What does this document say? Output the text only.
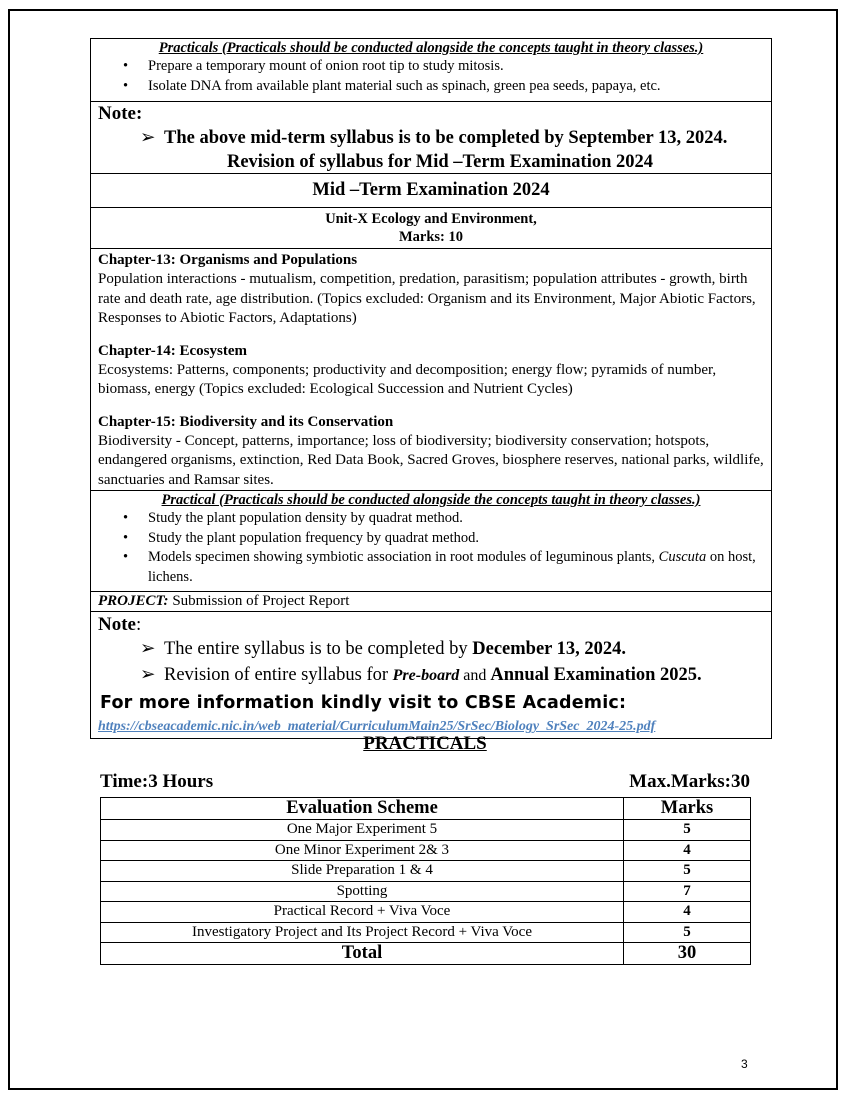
Practicals (Practicals should be conducted alongside the concepts taught in theory classes.)
• Prepare a temporary mount of onion root tip to study mitosis.
• Isolate DNA from available plant material such as spinach, green pea seeds, papaya, etc.

Note:
➢ The above mid-term syllabus is to be completed by September 13, 2024.
Revision of syllabus for Mid –Term Examination 2024

Mid –Term Examination 2024

Unit-X Ecology and Environment,
Marks: 10

Chapter-13: Organisms and Populations
Population interactions - mutualism, competition, predation, parasitism; population attributes - growth, birth rate and death rate, age distribution. (Topics excluded: Organism and its Environment, Major Abiotic Factors, Responses to Abiotic Factors, Adaptations)
Chapter-14: Ecosystem
Ecosystems: Patterns, components; productivity and decomposition; energy flow; pyramids of number, biomass, energy (Topics excluded: Ecological Succession and Nutrient Cycles)
Chapter-15: Biodiversity and its Conservation
Biodiversity - Concept, patterns, importance; loss of biodiversity; biodiversity conservation; hotspots, endangered organisms, extinction, Red Data Book, Sacred Groves, biosphere reserves, national parks, wildlife, sanctuaries and Ramsar sites.

Practical (Practicals should be conducted alongside the concepts taught in theory classes.)
• Study the plant population density by quadrat method.
• Study the plant population frequency by quadrat method.
• Models specimen showing symbiotic association in root modules of leguminous plants, Cuscuta on host, lichens.

PROJECT: Submission of Project Report

Note:
➢ The entire syllabus is to be completed by December 13, 2024.
➢ Revision of entire syllabus for Pre-board and Annual Examination 2025.
For more information kindly visit to CBSE Academic:
https://cbseacademic.nic.in/web_material/CurriculumMain25/SrSec/Biology_SrSec_2024-25.pdf
PRACTICALS
Time:3 Hours	Max.Marks:30
Evaluation Scheme	Marks
One Major Experiment 5	5
One Minor Experiment 2& 3	4
Slide Preparation 1 & 4	5
Spotting	7
Practical Record + Viva Voce	4
Investigatory Project and Its Project Record + Viva Voce	5
Total	30
3
